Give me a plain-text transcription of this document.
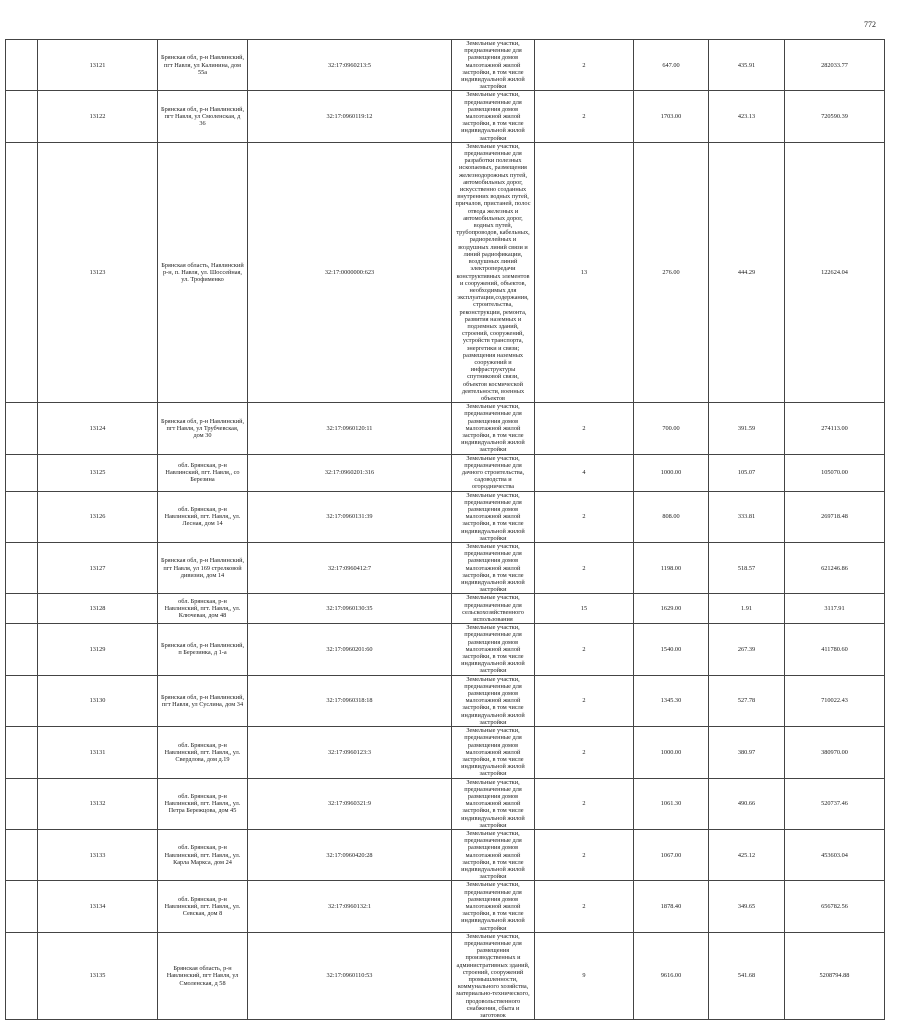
772
	13121	Брянская обл, р-н Навлинский, пгт Навля, ул Калинина, дом 55а	32:17:0960213:5	Земельные участки, предназначенные для размещения домов малоэтажной жилой застройки, в том числе индивидуальной жилой застройки	2	647.00	435.91	282033.77
	13122	Брянская обл, р-н Навлинский, пгт Навля, ул Смоленская, д 36	32:17:0960119:12	Земельные участки, предназначенные для размещения домов малоэтажной жилой застройки, в том числе индивидуальной жилой застройки	2	1703.00	423.13	720590.39
	13123	Брянская область, Навлинский р-н, п. Навля, ул. Шоссейная, ул. Трофименко	32:17:0000000:623	Земельные участки, предназначенные для разработки полезных ископаемых, размещения железнодорожных путей, автомобильных дорог, искусственно созданных внутренних водных путей, причалов, пристаней, полос отвода железных и автомобильных дорог, водных путей, трубопроводов, кабельных, радиорелейных и воздушных линий связи и линий радиофикации, воздушных линий электропередачи конструктивных элементов и сооружений, объектов, необходимых для эксплуатации,содержания, строительства, реконструкции, ремонта, развития наземных и подземных зданий, строений, сооружений, устройств транспорта, энергетики и связи; размещения наземных сооружений и инфраструктуры спутниковой связи, объектов космической деятельности, военных объектов	13	276.00	444.29	122624.04
	13124	Брянская обл, р-н Навлинский, пгт Навля, ул Трубчевская, дом 30	32:17:0960120:11	Земельные участки, предназначенные для размещения домов малоэтажной жилой застройки, в том числе индивидуальной жилой застройки	2	700.00	391.59	274113.00
	13125	обл. Брянская, р-н Навлинский, пгт. Навля,, со Березина	32:17:0960201:316	Земельные участки, предназначенные для дачного строительства, садоводства и огородничества	4	1000.00	105.07	105070.00
	13126	обл. Брянская, р-н Навлинский, пгт. Навля,, ул. Лесная, дом 14	32:17:0960131:39	Земельные участки, предназначенные для размещения домов малоэтажной жилой застройки, в том числе индивидуальной жилой застройки	2	808.00	333.81	269718.48
	13127	Брянская обл, р-н Навлинский, пгт Навля, ул 169 стрелковой дивизии, дом 14	32:17:0960412:7	Земельные участки, предназначенные для размещения домов малоэтажной жилой застройки, в том числе индивидуальной жилой застройки	2	1198.00	518.57	621246.86
	13128	обл. Брянская, р-н Навлинский, пгт. Навля,, ул. Ключевая, дом 48	32:17:0960130:35	Земельные участки, предназначенные для сельскохозяйственного использования	15	1629.00	1.91	3117.91
	13129	Брянская обл, р-н Навлинский, п Березинка, д 1-а	32:17:0960201:60	Земельные участки, предназначенные для размещения домов малоэтажной жилой застройки, в том числе индивидуальной жилой застройки	2	1540.00	267.39	411780.60
	13130	Брянская обл, р-н Навлинский, пгт Навля, ул Суслина, дом 34	32:17:0960318:18	Земельные участки, предназначенные для размещения домов малоэтажной жилой застройки, в том числе индивидуальной жилой застройки	2	1345.30	527.78	710022.43
	13131	обл. Брянская, р-н Навлинский, пгт. Навля,, ул. Свердлова, дом д.19	32:17:0960123:3	Земельные участки, предназначенные для размещения домов малоэтажной жилой застройки, в том числе индивидуальной жилой застройки	2	1000.00	380.97	380970.00
	13132	обл. Брянская, р-н Навлинский, пгт. Навля,, ул. Петра Бережцова, дом 45	32:17:0960321:9	Земельные участки, предназначенные для размещения домов малоэтажной жилой застройки, в том числе индивидуальной жилой застройки	2	1061.30	490.66	520737.46
	13133	обл. Брянская, р-н Навлинский, пгт. Навля,, ул. Карла Маркса, дом 24	32:17:0960420:28	Земельные участки, предназначенные для размещения домов малоэтажной жилой застройки, в том числе индивидуальной жилой застройки	2	1067.00	425.12	453603.04
	13134	обл. Брянская, р-н Навлинский, пгт. Навля,, ул. Севская, дом 8	32:17:0960132:1	Земельные участки, предназначенные для размещения домов малоэтажной жилой застройки, в том числе индивидуальной жилой застройки	2	1878.40	349.65	656782.56
	13135	Брянская область, р-н Навлинский, пгт Навля, ул Смоленская, д 58	32:17:0960110:53	Земельные участки, предназначенные для размещения производственных и административных зданий, строений, сооружений промышленности, коммунального хозяйства, материально-технического, продовольственного снабжения, сбыта и заготовок	9	9616.00	541.68	5208794.88
